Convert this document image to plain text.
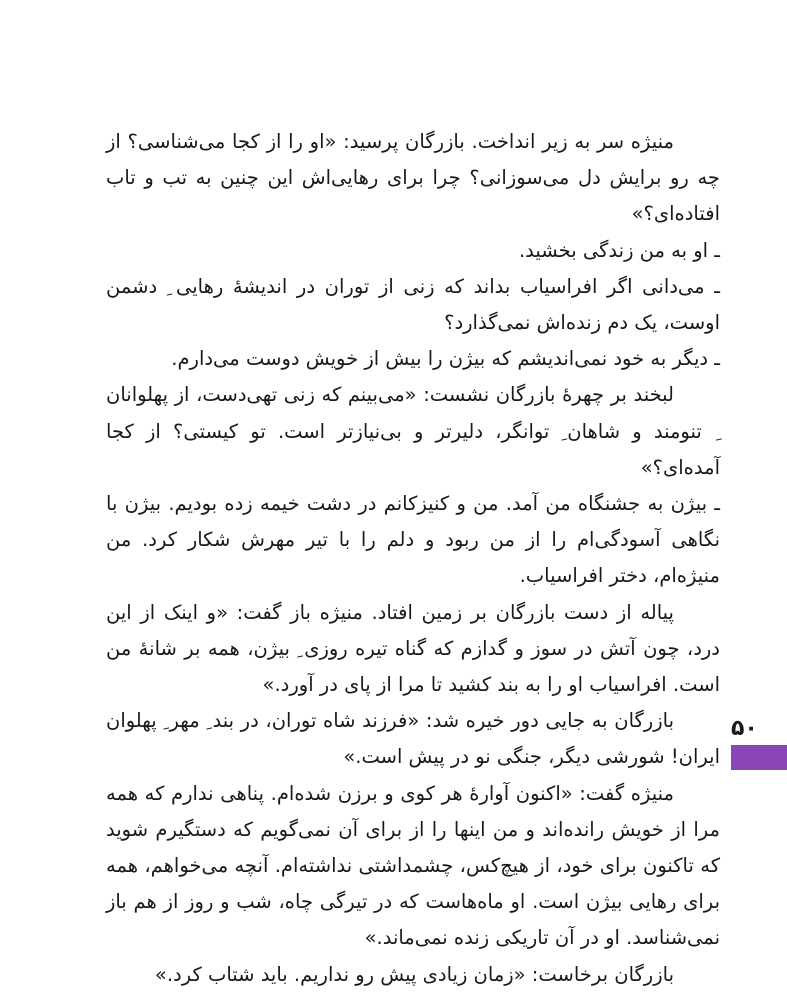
منیژه سر به زیر انداخت. بازرگان پرسید: «او را از کجا می‌شناسی؟ از چه رو برایش دل می‌سوزانی؟ چرا برای رهایی‌اش این چنین به تب و تاب افتاده‌ای؟»

ـ او به من زندگی بخشید.

ـ می‌دانی اگر افراسیاب بداند که زنی از توران در اندیشهٔ رهایی ِ دشمن اوست، یک دم زنده‌اش نمی‌گذارد؟

ـ دیگر به خود نمی‌اندیشم که بیژن را بیش از خویش دوست می‌دارم.

لبخند بر چهرهٔ بازرگان نشست: «می‌بینم که زنی تهی‌دست، از پهلوانان ِ تنومند و شاهان ِ توانگر، دلیرتر و بی‌نیازتر است. تو کیستی؟ از کجا آمده‌ای؟»

ـ بیژن به جشنگاه من آمد. من و کنیزکانم در دشت خیمه زده بودیم. بیژن با نگاهی آسودگی‌ام را از من ربود و دلم را با تیر مهرش شکار کرد. من منیژه‌ام، دختر افراسیاب.

پیاله از دست بازرگان بر زمین افتاد. منیژه باز گفت: «و اینک از این درد، چون آتش در سوز و گدازم که گناه تیره روزی ِ بیژن، همه بر شانهٔ من است. افراسیاب او را به بند کشید تا مرا از پای در آورد.»

بازرگان به جایی دور خیره شد: «فرزند شاه توران، در بند ِ مهر ِ پهلوان ایران! شورشی دیگر، جنگی نو در پیش است.»

منیژه گفت: «اکنون آوارهٔ هر کوی و برزن شده‌ام. پناهی ندارم که همه مرا از خویش رانده‌اند و من اینها را از برای آن نمی‌گویم که دستگیرم شوید که تاکنون برای خود، از هیچ‌کس، چشمداشتی نداشته‌ام. آنچه می‌خواهم، همه برای رهایی بیژن است. او ماه‌هاست که در تیرگی چاه، شب و روز از هم باز نمی‌شناسد. او در آن تاریکی زنده نمی‌ماند.»

بازرگان برخاست: «زمان زیادی پیش رو نداریم. باید شتاب کرد.»

۵۰
